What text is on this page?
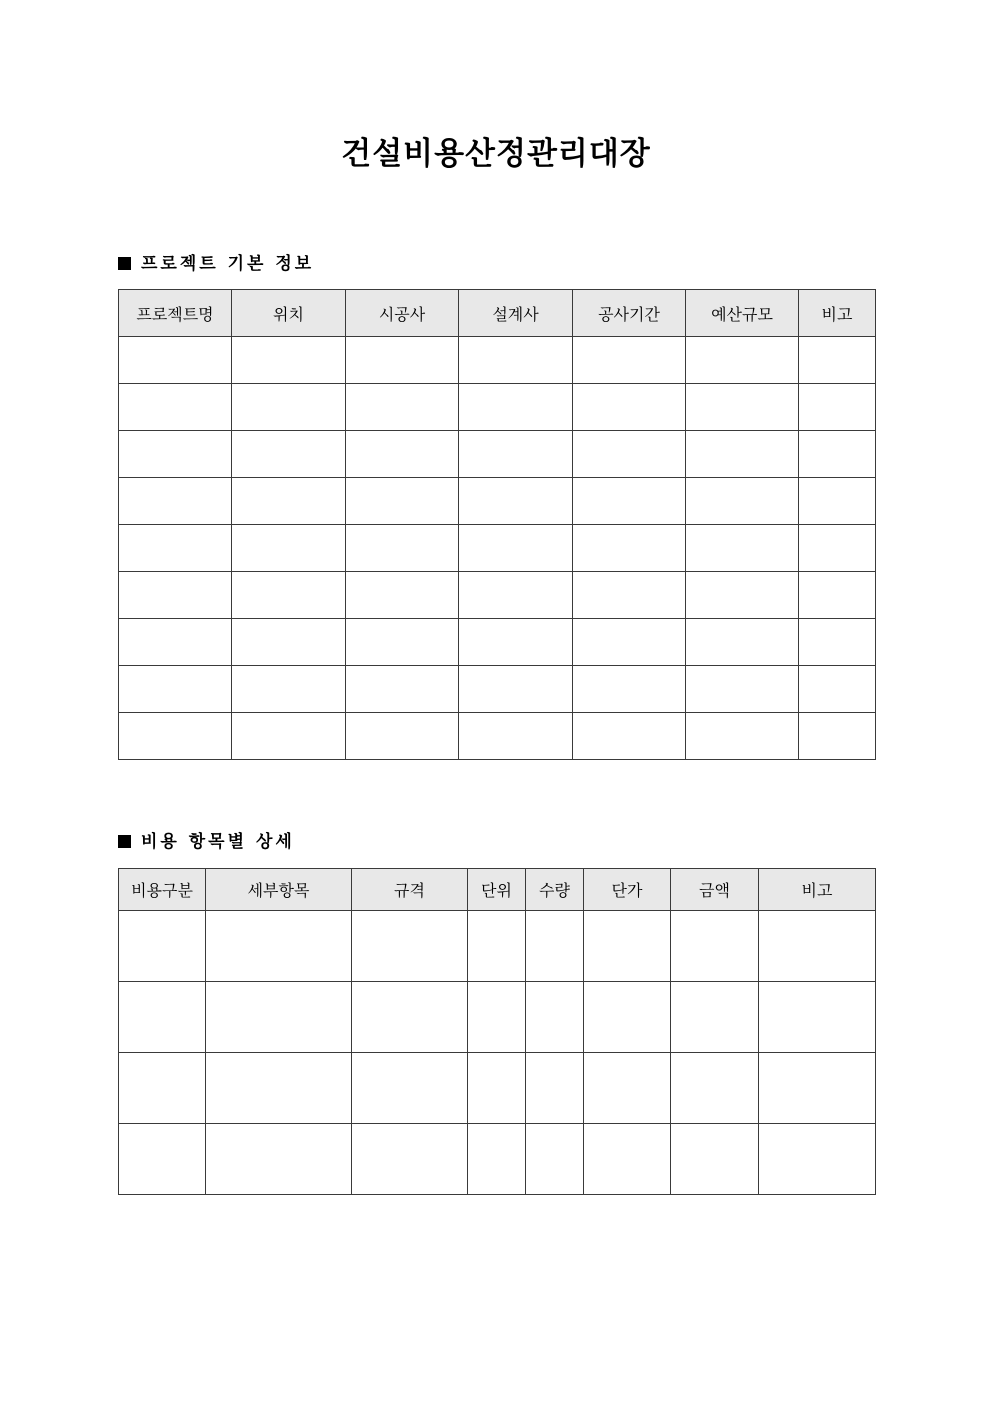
건설비용산정관리대장
프로젝트 기본 정보
프로젝트명	위치	시공사	설계사	공사기간	예산규모	비고

비용 항목별 상세
비용구분	세부항목	규격	단위	수량	단가	금액	비고
